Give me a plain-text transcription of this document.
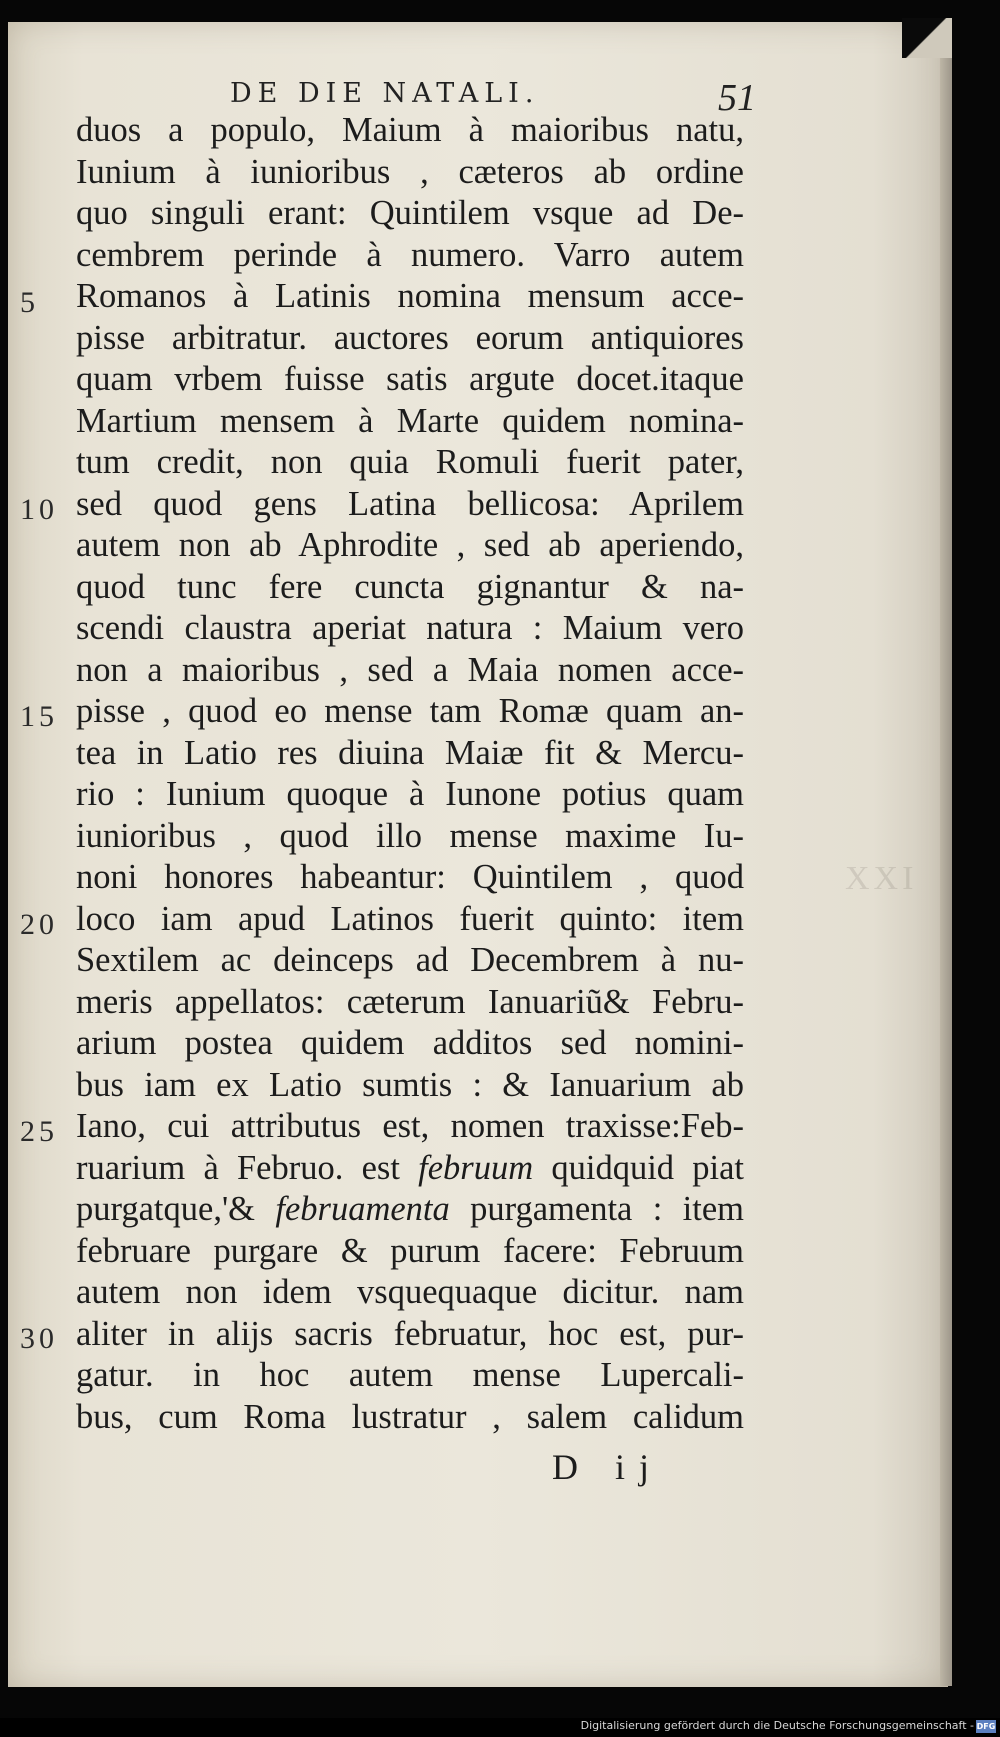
DE DIE NATALI.	51
XXI
5
10
15
20
25
30
duos a populo, Maium à maioribus natu,
Iunium à iunioribus , cæteros ab ordine
quo singuli erant: Quintilem vsque ad De-
cembrem perinde à numero. Varro autem
Romanos à Latinis nomina mensum acce-
pisse arbitratur. auctores eorum antiquiores
quam vrbem fuisse satis argute docet.itaque
Martium mensem à Marte quidem nomina-
tum credit, non quia Romuli fuerit pater,
sed quod gens Latina bellicosa: Aprilem
autem non ab Aphrodite , sed ab aperiendo,
quod tunc fere cuncta gignantur & na-
scendi claustra aperiat natura : Maium vero
non a maioribus , sed a Maia nomen acce-
pisse , quod eo mense tam Romæ quam an-
tea in Latio res diuina Maiæ fit & Mercu-
rio : Iunium quoque à Iunone potius quam
iunioribus , quod illo mense maxime Iu-
noni honores habeantur: Quintilem , quod
loco iam apud Latinos fuerit quinto: item
Sextilem ac deinceps ad Decembrem à nu-
meris appellatos: cæterum Ianuariũ& Febru-
arium postea quidem additos sed nomini-
bus iam ex Latio sumtis : & Ianuarium ab
Iano, cui attributus est, nomen traxisse:Feb-
ruarium à Februo. est februum quidquid piat
purgatque,'& februamenta purgamenta : item
februare purgare & purum facere: Februum
autem non idem vsquequaque dicitur. nam
aliter in alijs sacris februatur, hoc est, pur-
gatur. in hoc autem mense Lupercali-
bus, cum Roma lustratur , salem calidum
D ij
Digitalisierung gefördert durch die Deutsche Forschungsgemeinschaft - DFG
